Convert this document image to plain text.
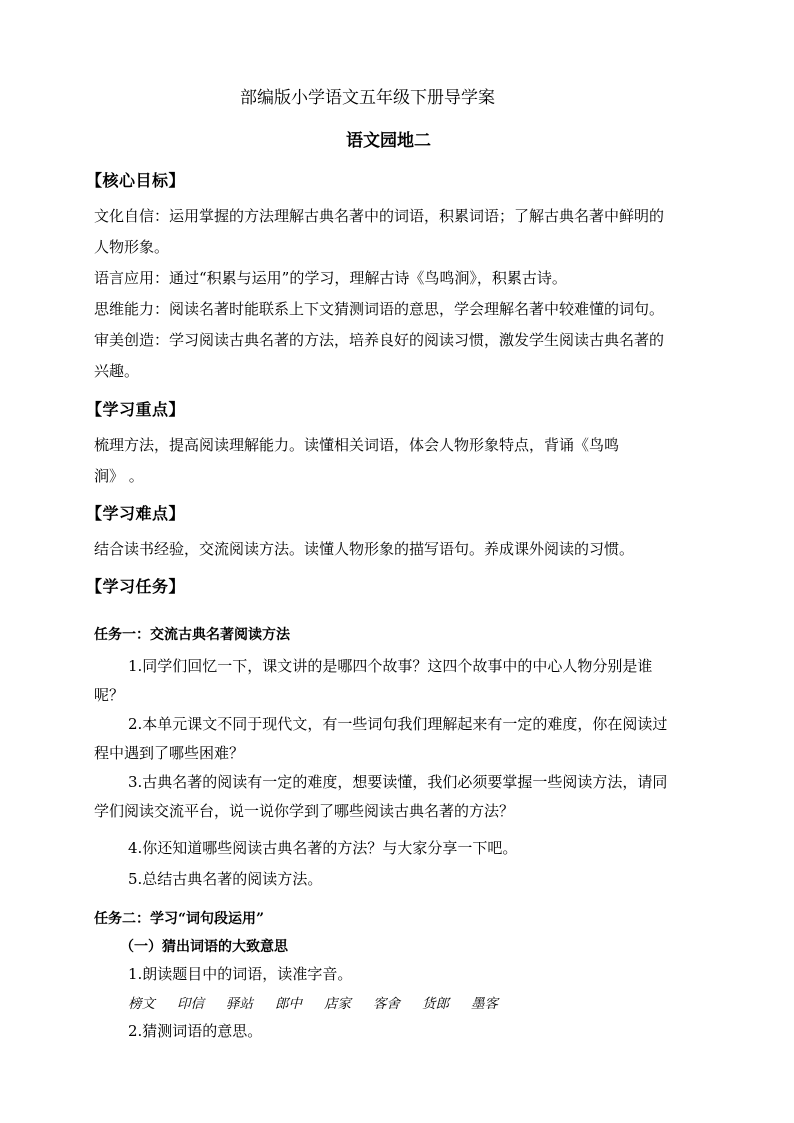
部编版小学语文五年级下册导学案
语文园地二
【核心目标】
文化自信：运用掌握的方法理解古典名著中的词语，积累词语；了解古典名著中鲜明的
人物形象。
语言应用：通过“积累与运用”的学习，理解古诗《鸟鸣涧》，积累古诗。
思维能力：阅读名著时能联系上下文猜测词语的意思，学会理解名著中较难懂的词句。
审美创造：学习阅读古典名著的方法，培养良好的阅读习惯，激发学生阅读古典名著的
兴趣。
【学习重点】
梳理方法，提高阅读理解能力。读懂相关词语，体会人物形象特点，背诵《鸟鸣
涧》 。
【学习难点】
结合读书经验，交流阅读方法。读懂人物形象的描写语句。养成课外阅读的习惯。
【学习任务】
任务一：交流古典名著阅读方法
1.同学们回忆一下，课文讲的是哪四个故事？这四个故事中的中心人物分别是谁
呢？
2.本单元课文不同于现代文，有一些词句我们理解起来有一定的难度，你在阅读过
程中遇到了哪些困难？
3.古典名著的阅读有一定的难度，想要读懂，我们必须要掌握一些阅读方法，请同
学们阅读交流平台，说一说你学到了哪些阅读古典名著的方法？
4.你还知道哪些阅读古典名著的方法？与大家分享一下吧。
5.总结古典名著的阅读方法。
任务二：学习“词句段运用”
（一）猜出词语的大致意思
1.朗读题目中的词语，读准字音。
榜文 印信 驿站 郎中 店家 客舍 货郎 墨客
2.猜测词语的意思。
